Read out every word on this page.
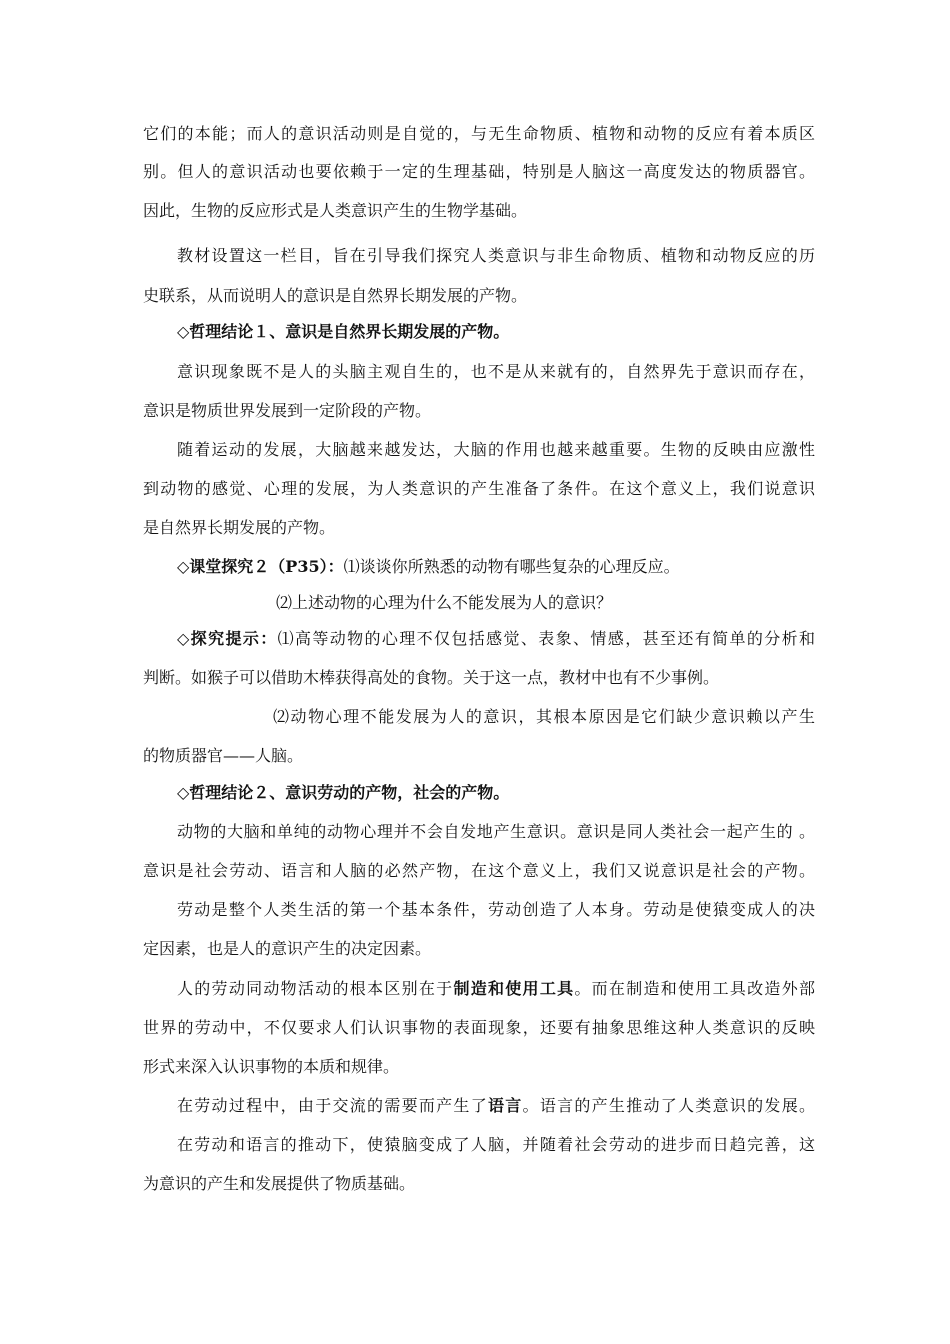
它们的本能；而人的意识活动则是自觉的，与无生命物质、植物和动物的反应有着本质区
别。但人的意识活动也要依赖于一定的生理基础，特别是人脑这一高度发达的物质器官。
因此，生物的反应形式是人类意识产生的生物学基础。
教材设置这一栏目，旨在引导我们探究人类意识与非生命物质、植物和动物反应的历
史联系，从而说明人的意识是自然界长期发展的产物。
◇哲理结论１、意识是自然界长期发展的产物。
意识现象既不是人的头脑主观自生的，也不是从来就有的，自然界先于意识而存在，
意识是物质世界发展到一定阶段的产物。
随着运动的发展，大脑越来越发达，大脑的作用也越来越重要。生物的反映由应激性
到动物的感觉、心理的发展，为人类意识的产生准备了条件。在这个意义上，我们说意识
是自然界长期发展的产物。
◇课堂探究２（P35）：⑴谈谈你所熟悉的动物有哪些复杂的心理反应。
⑵上述动物的心理为什么不能发展为人的意识？
◇探究提示：⑴高等动物的心理不仅包括感觉、表象、情感，甚至还有简单的分析和
判断。如猴子可以借助木棒获得高处的食物。关于这一点，教材中也有不少事例。
⑵动物心理不能发展为人的意识，其根本原因是它们缺少意识赖以产生
的物质器官——人脑。
◇哲理结论２、意识劳动的产物，社会的产物。
动物的大脑和单纯的动物心理并不会自发地产生意识。意识是同人类社会一起产生的 。
意识是社会劳动、语言和人脑的必然产物，在这个意义上，我们又说意识是社会的产物。
劳动是整个人类生活的第一个基本条件，劳动创造了人本身。劳动是使猿变成人的决
定因素，也是人的意识产生的决定因素。
人的劳动同动物活动的根本区别在于制造和使用工具。而在制造和使用工具改造外部
世界的劳动中，不仅要求人们认识事物的表面现象，还要有抽象思维这种人类意识的反映
形式来深入认识事物的本质和规律。
在劳动过程中，由于交流的需要而产生了语言。语言的产生推动了人类意识的发展。
在劳动和语言的推动下，使猿脑变成了人脑，并随着社会劳动的进步而日趋完善，这
为意识的产生和发展提供了物质基础。
